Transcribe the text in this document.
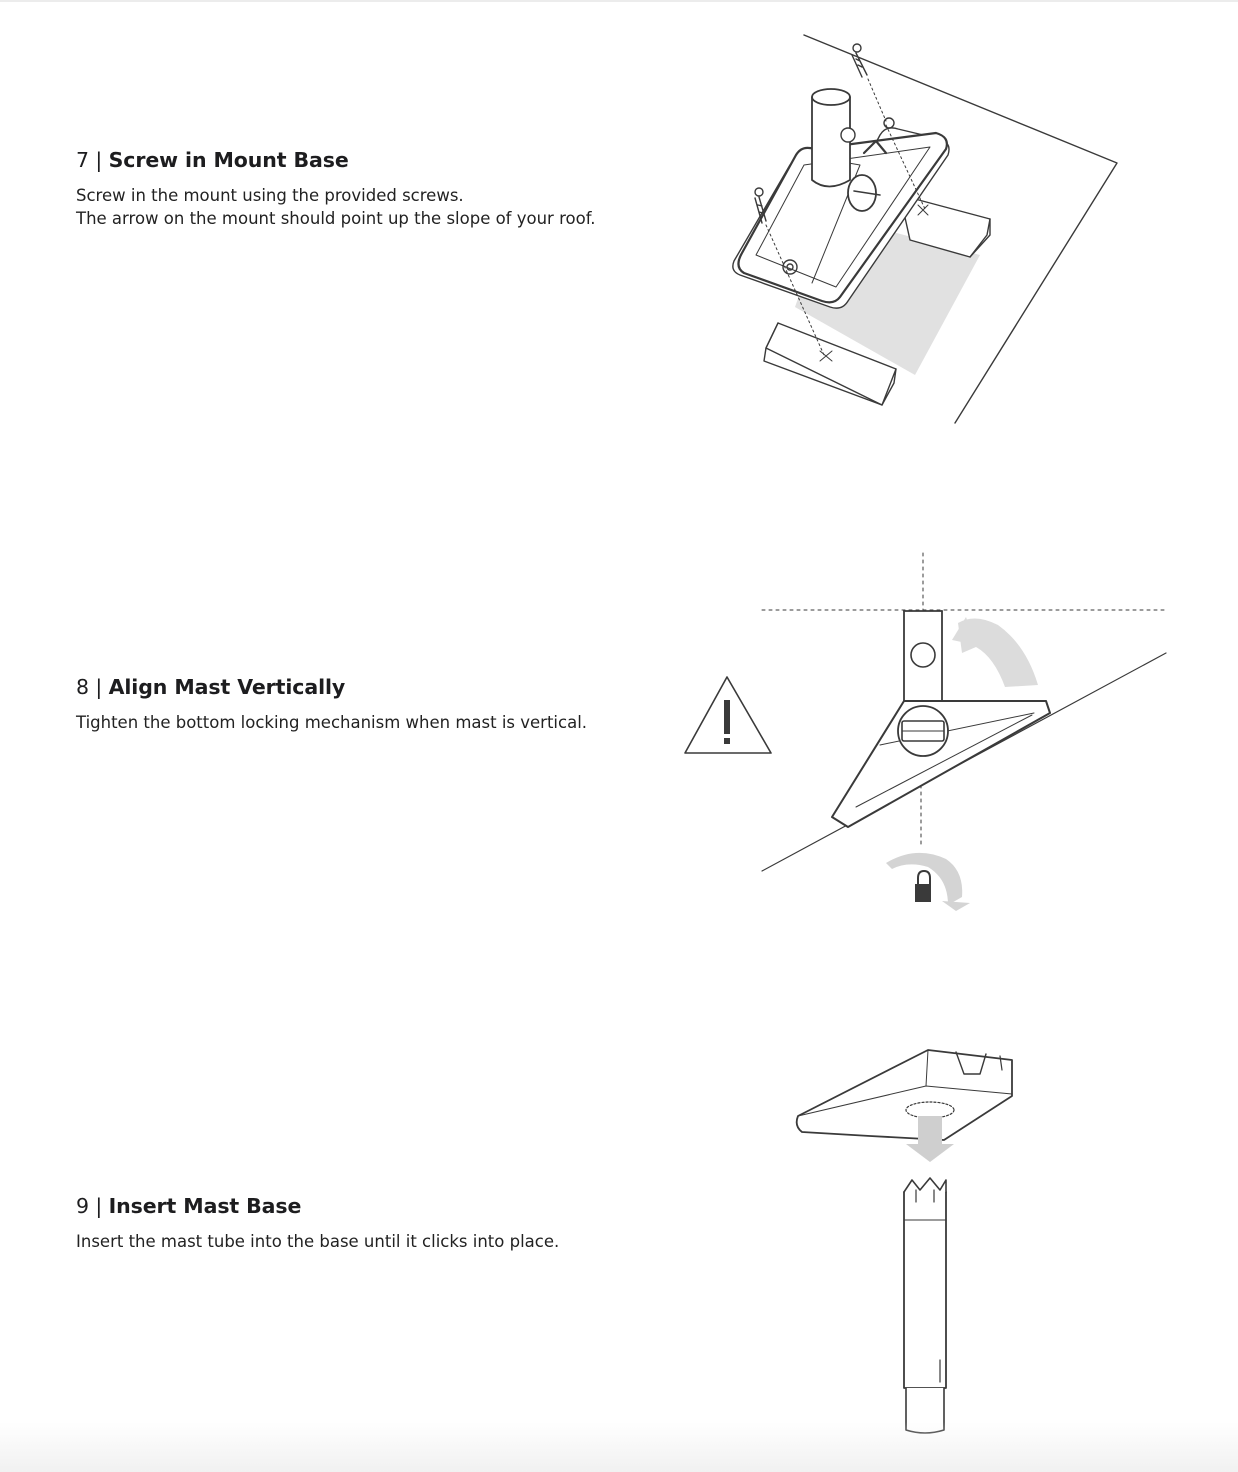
7 | Screw in Mount Base

Screw in the mount using the provided screws.
The arrow on the mount should point up the slope of your roof.

8 | Align Mast Vertically

Tighten the bottom locking mechanism when mast is vertical.

9 | Insert Mast Base

Insert the mast tube into the base until it clicks into place.
